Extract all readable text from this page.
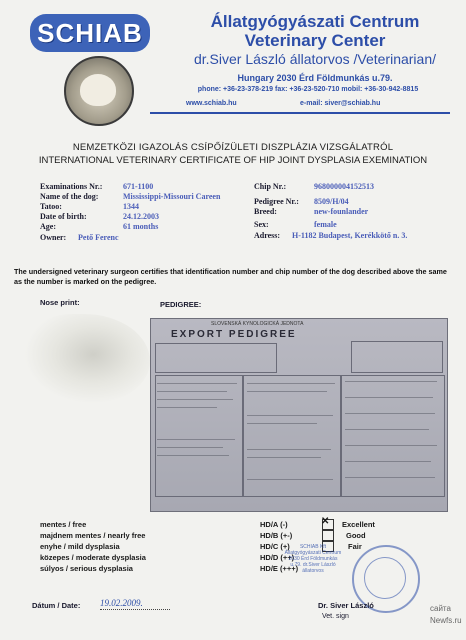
SCHIAB	Állatgyógyászati Centrum
Veterinary Center
dr.Siver László állatorvos /Veterinarian/
Hungary 2030 Érd Földmunkás u.79.
phone: +36-23-378-219 fax: +36-23-520-710 mobil: +36-30-942-8815
www.schiab.hu	e-mail: siver@schiab.hu
NEMZETKÖZI IGAZOLÁS CSÍPŐÍZÜLETI DISZPLÁZIA VIZSGÁLATRÓL
INTERNATIONAL VETERINARY CERTIFICATE OF HIP JOINT DYSPLASIA EXEMINATION
Examinations Nr.:	671-1100
Name of the dog:	Mississippi-Missouri Careen
Tatoo:	1344
Date of birth:	24.12.2003
Age:	61 months
Owner: Pető Ferenc
Chip Nr.:	968000004152513
Pedigree Nr.: 8509/H/04
Breed:	new-founlander
Sex:	female
Adress: H-1182 Budapest, Kerékkötő n. 3.
The undersigned veterinary surgeon certifies that identification number and chip number of the dog described above the same as the number is marked on the pedigree.
Nose print:	PEDIGREE:
SLOVENSKÁ KYNOLOGICKÁ JEDNOTA
EXPORT PEDIGREE
mentes / free	HD/A (-)	✕ Excellent
majdnem mentes / nearly free	HD/B (+-)	Good
enyhe / mild dysplasia	HD/C (+)	Fair
közepes / moderate dysplasia	HD/D (++)
súlyos / serious dysplasia	HD/E (+++)
SCHIAB Kft Állatgyógyászati Centrum 2030 Érd Földmunkás u.79. dr.Siver László állatorvos
Dátum / Date: 19.02.2009.	Dr. Siver László
Vet. sign
сайта
Newfs.ru
